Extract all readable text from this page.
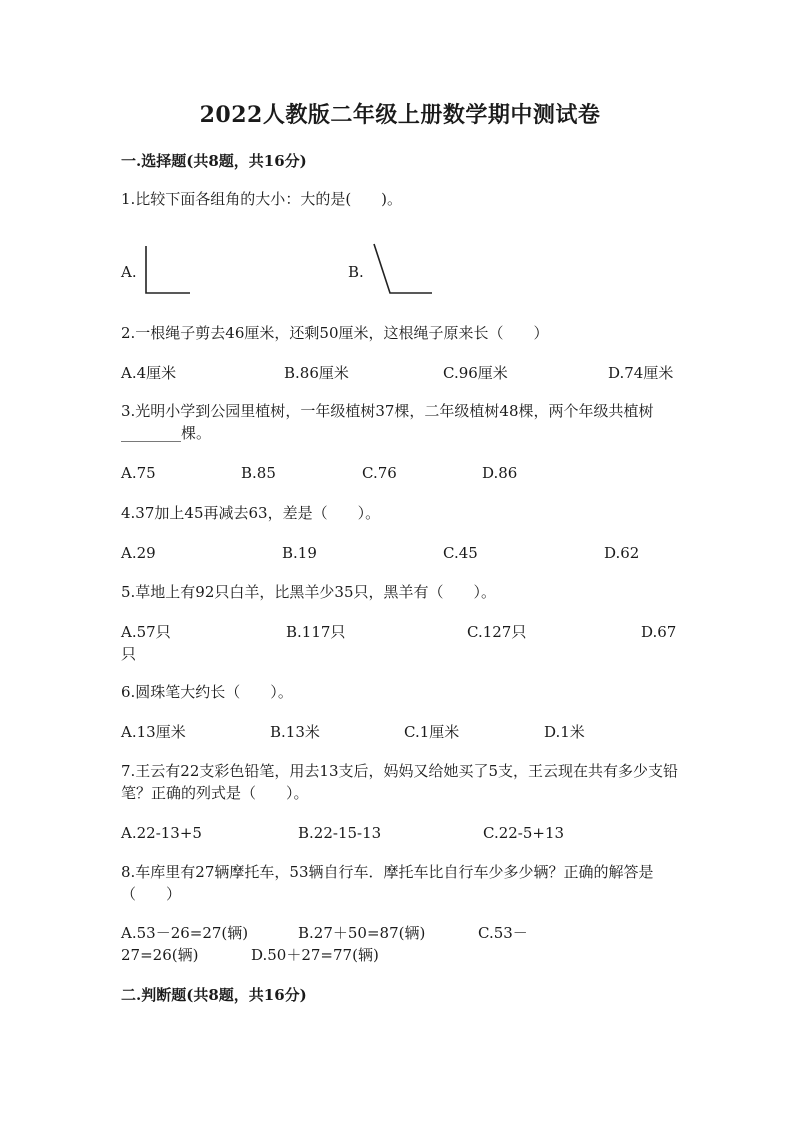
2022人教版二年级上册数学期中测试卷
一.选择题(共8题，共16分)
1.比较下面各组角的大小：大的是(　　)。
A.	B.
2.一根绳子剪去46厘米，还剩50厘米，这根绳子原来长（　　）
A.4厘米	B.86厘米	C.96厘米	D.74厘米
3.光明小学到公园里植树，一年级植树37棵，二年级植树48棵，两个年级共植树________棵。
A.75	B.85	C.76	D.86
4.37加上45再减去63，差是（　　）。
A.29	B.19	C.45	D.62
5.草地上有92只白羊，比黑羊少35只，黑羊有（　　）。
A.57只	B.117只	C.127只	D.67
只
6.圆珠笔大约长（　　）。
A.13厘米	B.13米	C.1厘米	D.1米
7.王云有22支彩色铅笔，用去13支后，妈妈又给她买了5支，王云现在共有多少支铅笔？正确的列式是（　　）。
A.22-13+5	B.22-15-13	C.22-5+13
8.车库里有27辆摩托车，53辆自行车．摩托车比自行车少多少辆？正确的解答是（　　）
A.53－26=27(辆)	B.27＋50=87(辆)	C.53－
27=26(辆)	D.50＋27=77(辆)
二.判断题(共8题，共16分)
